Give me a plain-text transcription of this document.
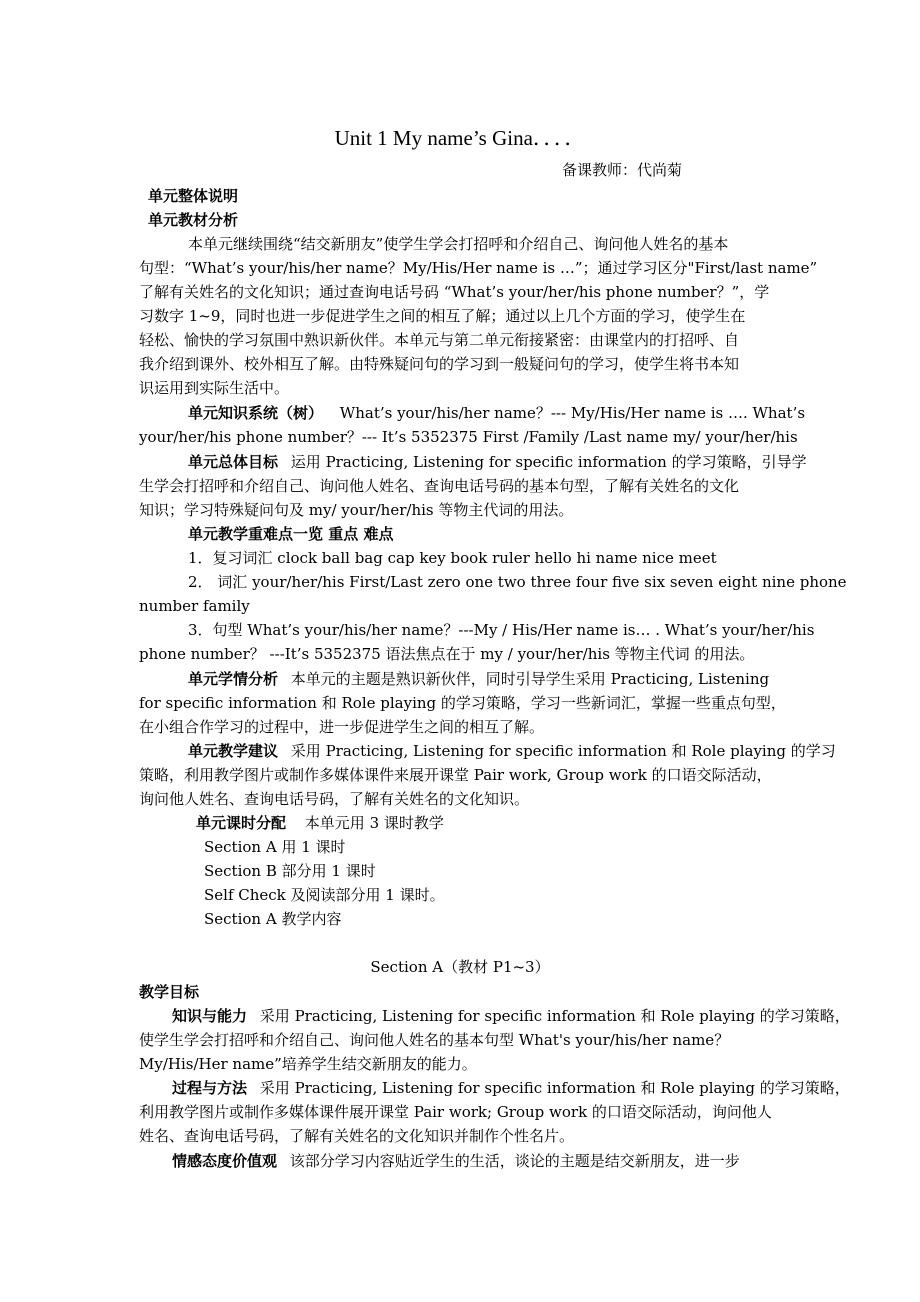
Unit 1 My name’s Gina．．．．
备课教师：代尚菊
单元整体说明
单元教材分析
本单元继续围绕“结交新朋友”使学生学会打招呼和介绍自己、询问他人姓名的基本
句型：“What’s your/his/her name？My/His/Her name is …”；通过学习区分"First/last name”
了解有关姓名的文化知识；通过查询电话号码 “What’s your/her/his phone number？”，学
习数字 1~9，同时也进一步促进学生之间的相互了解；通过以上几个方面的学习，使学生在
轻松、愉快的学习氛围中熟识新伙伴。本单元与第二单元衔接紧密：由课堂内的打招呼、自
我介绍到课外、校外相互了解。由特殊疑问句的学习到一般疑问句的学习，使学生将书本知
识运用到实际生活中。
单元知识系统（树） What’s your/his/her name？--- My/His/Her name is …. What’s
your/her/his phone number？--- It’s 5352375 First /Family /Last name my/ your/her/his
单元总体目标 运用 Practicing, Listening for specific information 的学习策略，引导学
生学会打招呼和介绍自己、询问他人姓名、查询电话号码的基本句型，了解有关姓名的文化
知识；学习特殊疑问句及 my/ your/her/his 等物主代词的用法。
单元教学重难点一览 重点 难点
1．复习词汇 clock ball bag cap key book ruler hello hi name nice meet
2． 词汇 your/her/his First/Last zero one two three four five six seven eight nine phone
number family
3．句型 What’s your/his/her name？---My / His/Her name is… . What’s your/her/his
phone number？ ---It’s 5352375 语法焦点在于 my / your/her/his 等物主代词 的用法。
单元学情分析 本单元的主题是熟识新伙伴，同时引导学生采用 Practicing, Listening
for specific information 和 Role playing 的学习策略，学习一些新词汇，掌握一些重点句型，
在小组合作学习的过程中，进一步促进学生之间的相互了解。
单元教学建议 采用 Practicing, Listening for specific information 和 Role playing 的学习
策略，利用教学图片或制作多媒体课件来展开课堂 Pair work, Group work 的口语交际活动，
询问他人姓名、查询电话号码，了解有关姓名的文化知识。
单元课时分配 本单元用 3 课时教学
Section A 用 1 课时
Section B 部分用 1 课时
Self Check 及阅读部分用 1 课时。
Section A 教学内容
Section A（教材 P1~3）
教学目标
知识与能力 采用 Practicing, Listening for specific information 和 Role playing 的学习策略，
使学生学会打招呼和介绍自己、询问他人姓名的基本句型 What's your/his/her name？
My/His/Her name”培养学生结交新朋友的能力。
过程与方法 采用 Practicing, Listening for specific information 和 Role playing 的学习策略，
利用教学图片或制作多媒体课件展开课堂 Pair work; Group work 的口语交际活动，询问他人
姓名、查询电话号码，了解有关姓名的文化知识并制作个性名片。
情感态度价值观 该部分学习内容贴近学生的生活，谈论的主题是结交新朋友，进一步
